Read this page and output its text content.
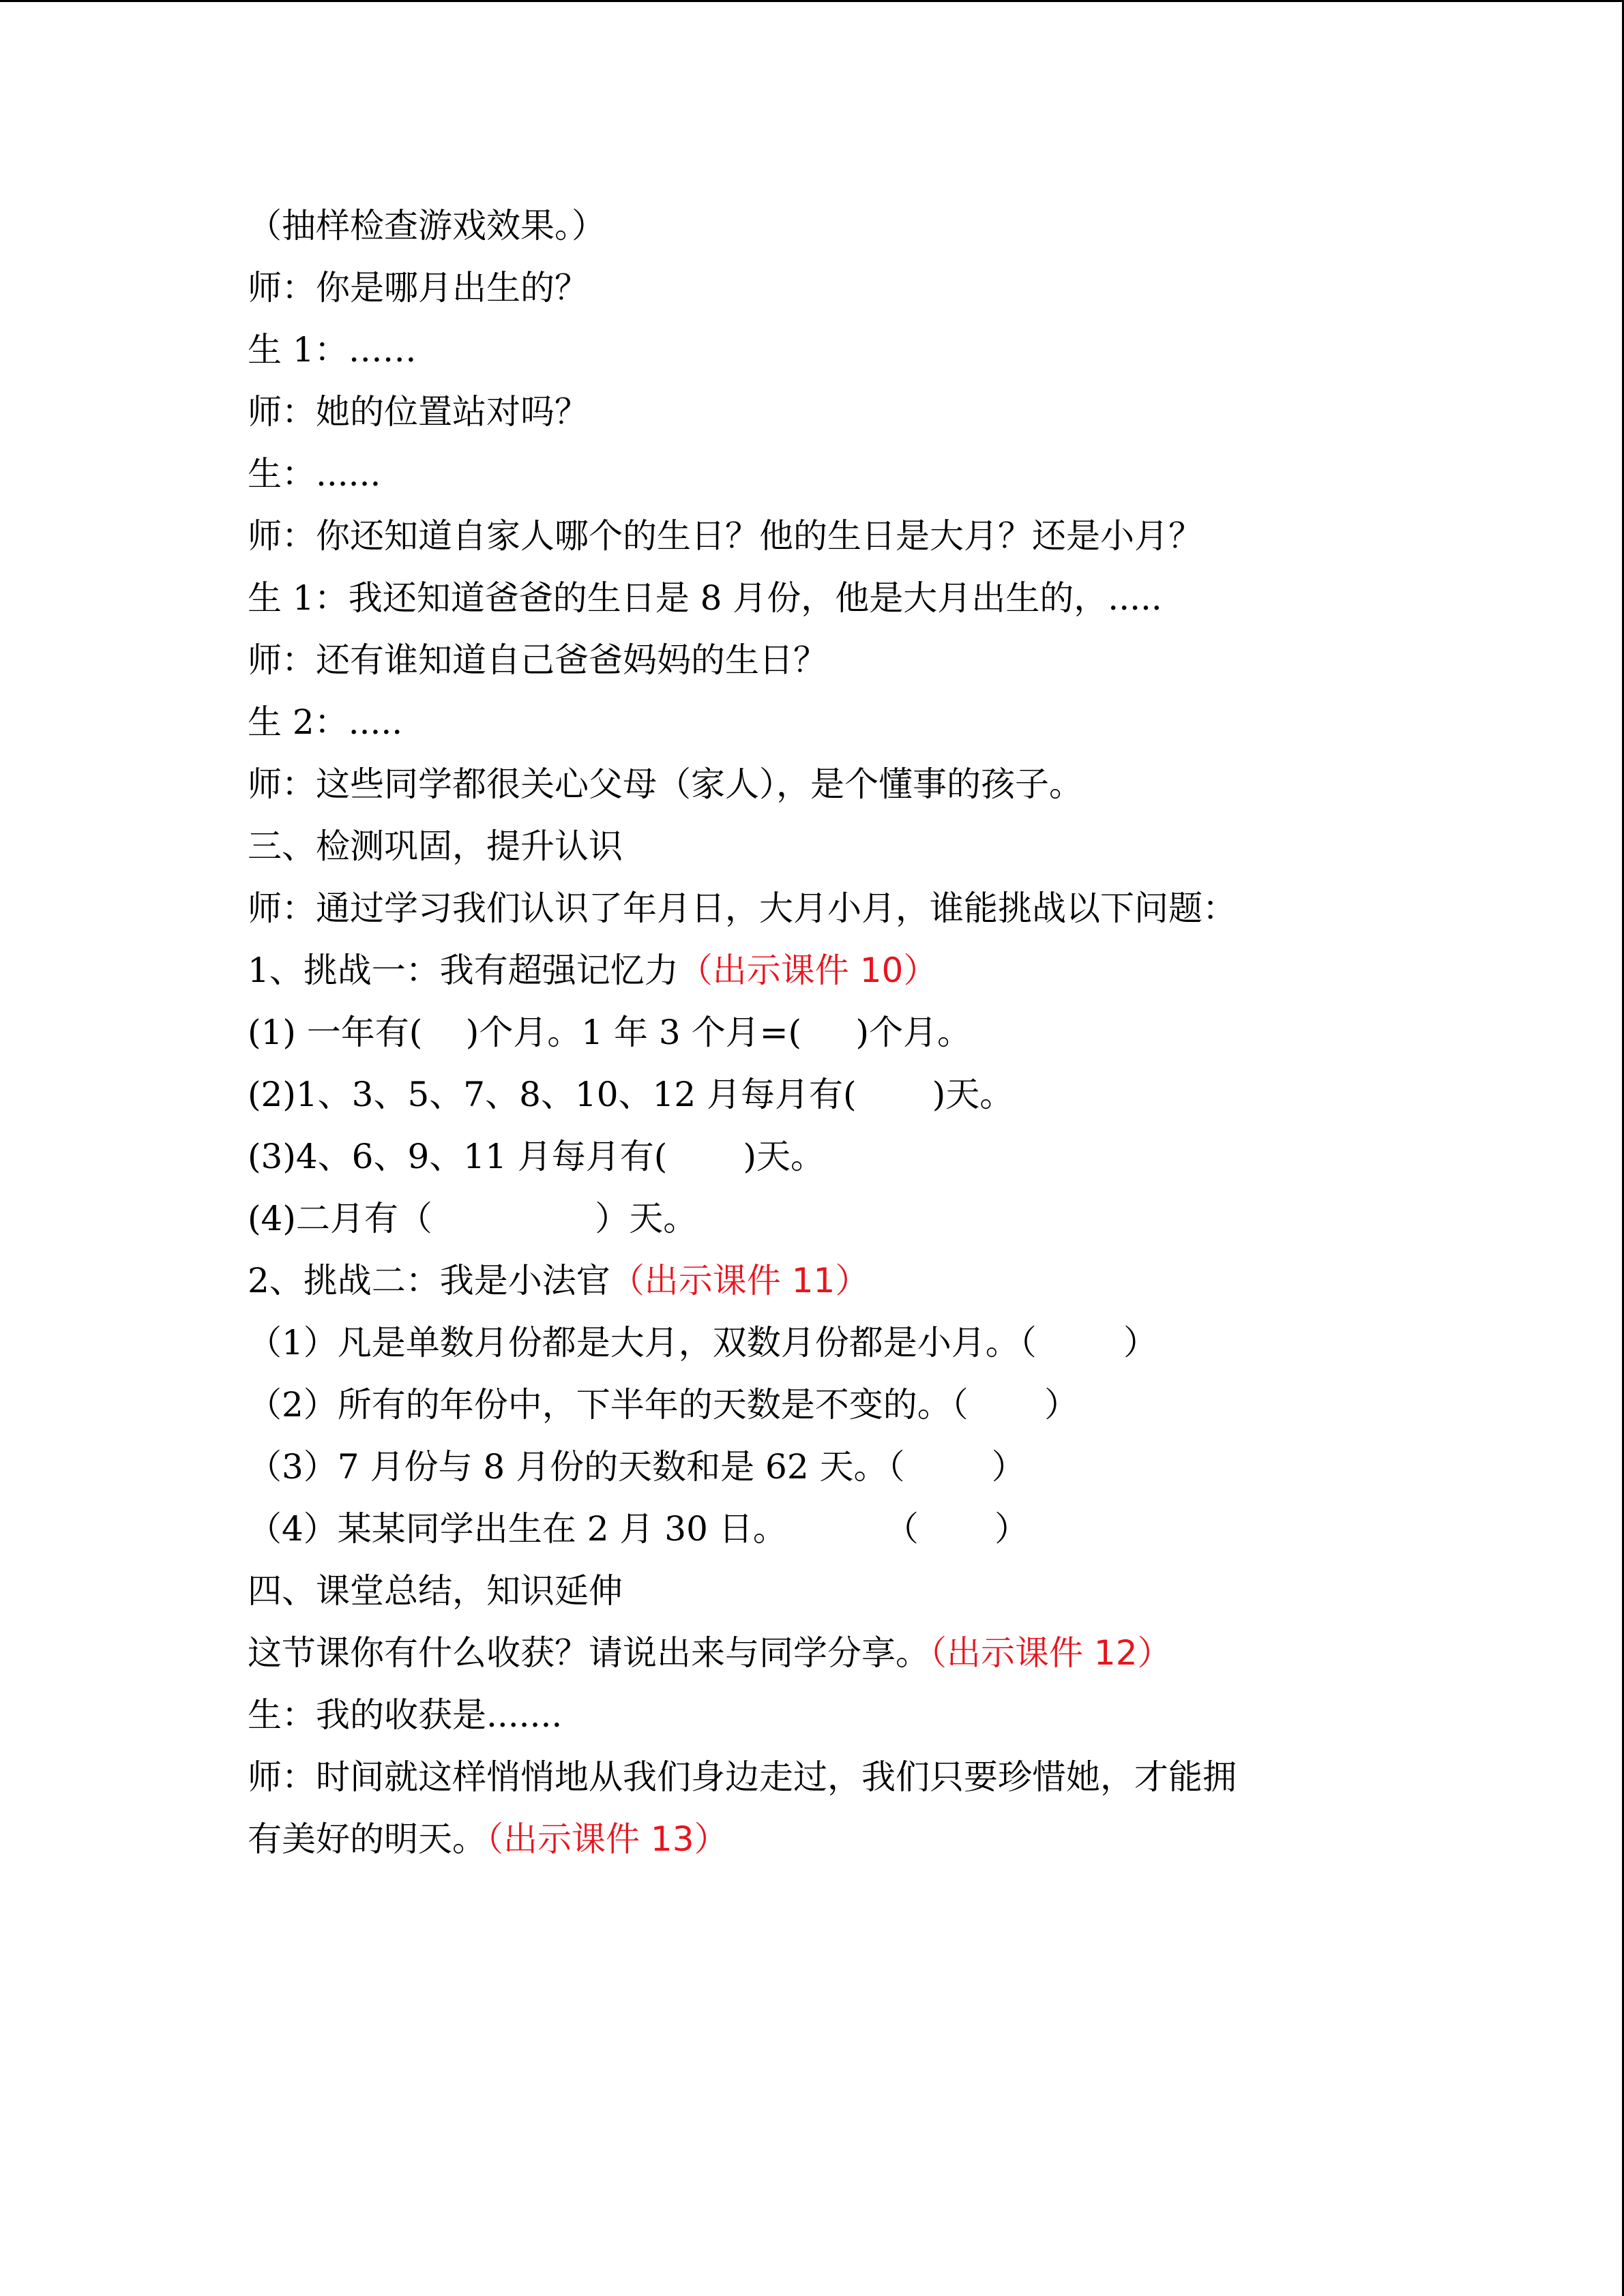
（抽样检查游戏效果。）
师：你是哪月出生的？
生 1：……
师：她的位置站对吗？
生：......
师：你还知道自家人哪个的生日？他的生日是大月？还是小月？
生 1：我还知道爸爸的生日是 8 月份，他是大月出生的，.....
师：还有谁知道自己爸爸妈妈的生日？
生 2：.....
师：这些同学都很关心父母（家人），是个懂事的孩子。
三、检测巩固，提升认识
师：通过学习我们认识了年月日，大月小月，谁能挑战以下问题：
1、挑战一：我有超强记忆力（出示课件 10）
(1) 一年有(    )个月。1 年 3 个月=(     )个月。
(2)1、3、5、7、8、10、12 月每月有(       )天。
(3)4、6、9、11 月每月有(       )天。
(4)二月有（               ）天。
2、挑战二：我是小法官（出示课件 11）
（1）凡是单数月份都是大月，双数月份都是小月。（        ）
（2）所有的年份中，下半年的天数是不变的。（       ）
（3）7 月份与 8 月份的天数和是 62 天。（        ）
（4）某某同学出生在 2 月 30 日。         （       ）
四、课堂总结，知识延伸
这节课你有什么收获？请说出来与同学分享。（出示课件 12）
生：我的收获是.......
师：时间就这样悄悄地从我们身边走过，我们只要珍惜她，才能拥
有美好的明天。（出示课件 13）
